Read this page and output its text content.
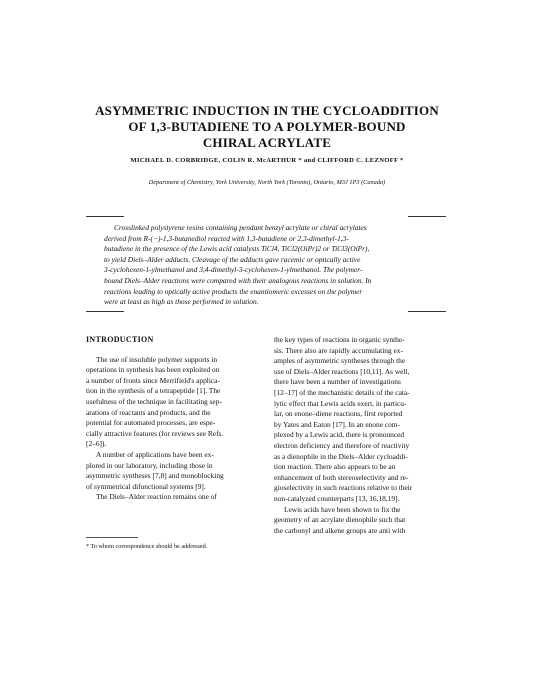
ASYMMETRIC INDUCTION IN THE CYCLOADDITION
OF 1,3-BUTADIENE TO A POLYMER-BOUND
CHIRAL ACRYLATE
MICHAEL D. CORBRIDGE, COLIN R. McARTHUR * and CLIFFORD C. LEZNOFF *
Department of Chemistry, York University, North York (Toronto), Ontario, M3J 1P3 (Canada)
Crosslinked polystyrene resins containing pendant benzyl acrylate or chiral acrylates
derived from R-(−)-1,3-butanediol reacted with 1,3-butadiene or 2,3-dimethyl-1,3-
butadiene in the presence of the Lewis acid catalysts TiCl4, TiCl2(OiPr)2 or TiCl3(OiPr),
to yield Diels–Alder adducts. Cleavage of the adducts gave racemic or optically active
3-cyclohexen-1-ylmethanol and 3,4-dimethyl-3-cyclohexen-1-ylmethanol. The polymer-
bound Diels–Alder reactions were compared with their analogous reactions in solution. In
reactions leading to optically active products the enantiomeric excesses on the polymer
were at least as high as those performed in solution.
INTRODUCTION
The use of insoluble polymer supports in
operations in synthesis has been exploited on
a number of fronts since Merrifield's applica-
tion in the synthesis of a tetrapeptide [1]. The
usefulness of the technique in facilitating sep-
arations of reactants and products, and the
potential for automated processes, are espe-
cially attractive features (for reviews see Refs.
[2–6]).
A number of applications have been ex-
plored in our laboratory, including those in
asymmetric syntheses [7,8] and monoblocking
of symmetrical difunctional systems [9].
The Diels–Alder reaction remains one of
* To whom correspondence should be addressed.
the key types of reactions in organic synthe-
sis. There also are rapidly accumulating ex-
amples of asymmetric syntheses through the
use of Diels–Alder reactions [10,11]. As well,
there have been a number of investigations
[12–17] of the mechanistic details of the cata-
lytic effect that Lewis acids exert, in particu-
lar, on enone–diene reactions, first reported
by Yates and Eaton [17]. In an enone com-
plexed by a Lewis acid, there is pronounced
electron deficiency and therefore of reactivity
as a dienophile in the Diels–Alder cycloaddi-
tion reaction. There also appears to be an
enhancement of both stereoselectivity and re-
gioselectivity in such reactions relative to their
non-catalyzed counterparts [13, 16,18,19].
Lewis acids have been shown to fix the
geometry of an acrylate dienophile such that
the carbonyl and alkene groups are anti with
